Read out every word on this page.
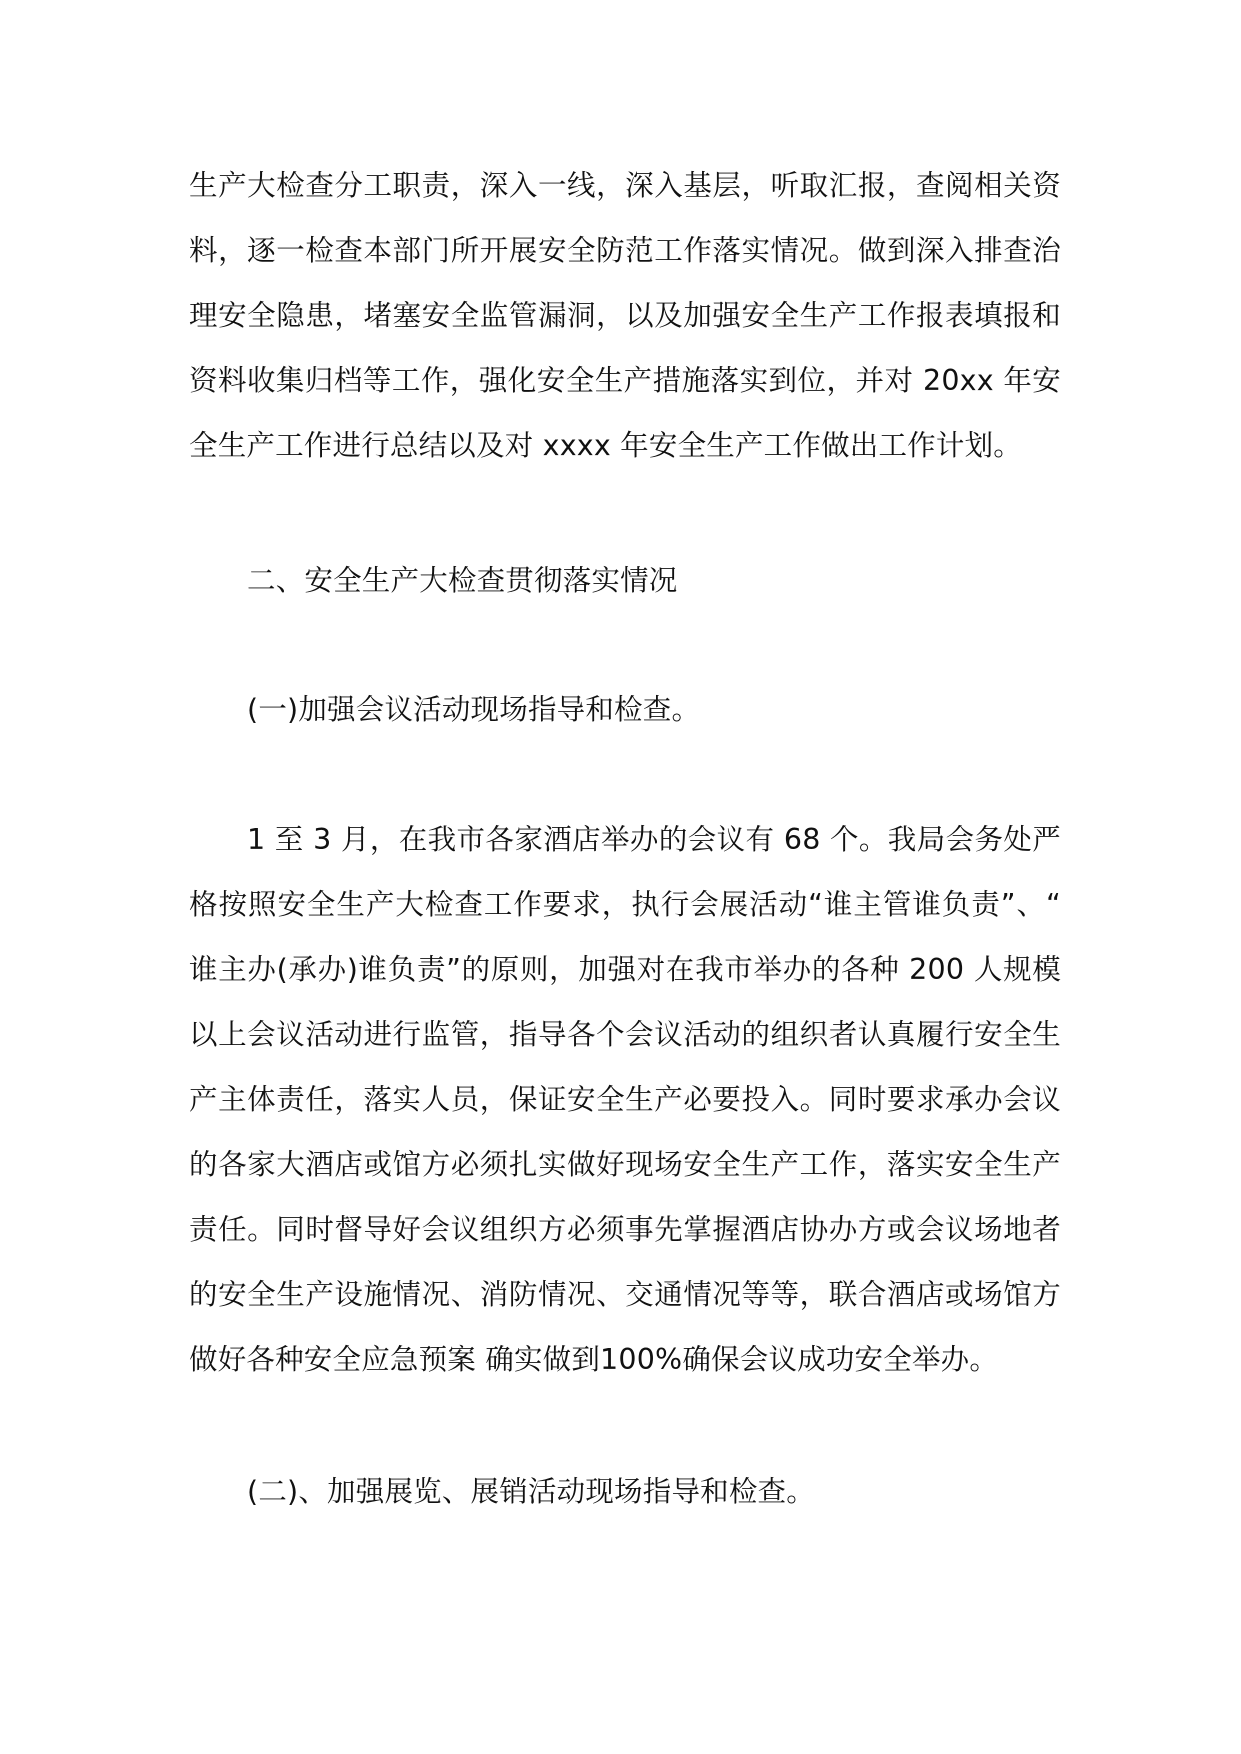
生产大检查分工职责，深入一线，深入基层，听取汇报，查阅相关资料，逐一检查本部门所开展安全防范工作落实情况。做到深入排查治理安全隐患，堵塞安全监管漏洞，以及加强安全生产工作报表填报和资料收集归档等工作，强化安全生产措施落实到位，并对 20xx 年安全生产工作进行总结以及对 xxxx 年安全生产工作做出工作计划。

二、安全生产大检查贯彻落实情况

(一)加强会议活动现场指导和检查。

1 至 3 月，在我市各家酒店举办的会议有 68 个。我局会务处严格按照安全生产大检查工作要求，执行会展活动“谁主管谁负责”、“ 谁主办(承办)谁负责”的原则，加强对在我市举办的各种 200 人规模以上会议活动进行监管，指导各个会议活动的组织者认真履行安全生产主体责任，落实人员，保证安全生产必要投入。同时要求承办会议的各家大酒店或馆方必须扎实做好现场安全生产工作，落实安全生产责任。同时督导好会议组织方必须事先掌握酒店协办方或会议场地者的安全生产设施情况、消防情况、交通情况等等，联合酒店或场馆方做好各种安全应急预案 确实做到100%确保会议成功安全举办。

(二)、加强展览、展销活动现场指导和检查。
